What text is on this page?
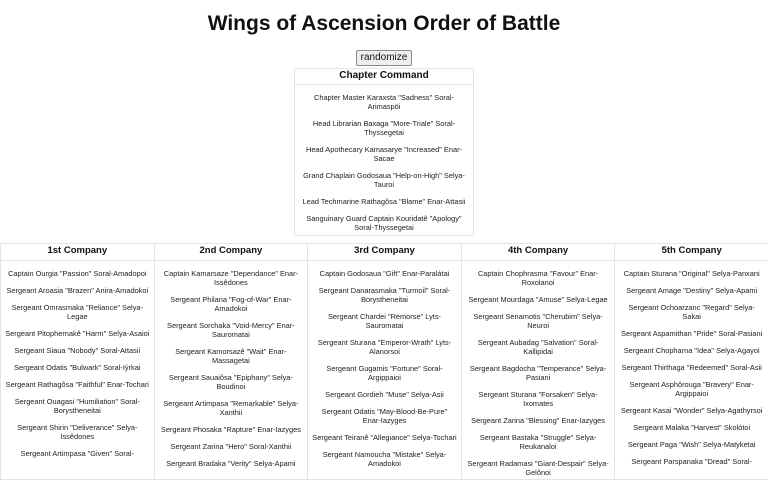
Wings of Ascension Order of Battle
randomize
Chapter Command
Chapter Master Karaxsta "Sadness" Soral-Arimaspöi
Head Librarian Baxaga "More-Triale" Soral-Thyssegetai
Head Apothecary Kamasarye "Increased" Enar-Sacae
Grand Chaplain Godosaua "Help-on-High" Selya-Tauroi
Lead Techmarine Rathagôsa "Blame" Enar-Attasii
Sanguinary Guard Captain Kouridatê "Apology" Soral-Thyssegetai
1st Company
Captain Ourgia "Passion" Soral-Amadopoi
Sergeant Aroasia "Brazen" Anira-Amadokoi
Sergeant Omrasmaka "Reliance" Selya-Legae
Sergeant Pitophernakê "Harm" Selya-Asaioi
Sergeant Siaua "Nobody" Soral-Attasii
Sergeant Odatis "Bulwark" Soral-Iýrkai
Sergeant Rathagôsa "Faithful" Enar-Tochari
Sergeant Ouagasi "Humiliation" Soral-Borystheneitai
Sergeant Shirin "Deliverance" Selya-Issêdones
Sergeant Artimpasa "Given" Soral-
2nd Company
Captain Kamarsaze "Dependance" Enar-Issêdones
Sergeant Philana "Fog-of-War" Enar-Amadokoi
Sergeant Sorchaka "Void-Mercy" Enar-Sauromatai
Sergeant Kamorsazê "Wait" Enar-Massagetai
Sergeant Sauaiôsa "Epiphany" Selya-Boudinoi
Sergeant Artimpasa "Remarkable" Selya-Xanthii
Sergeant Phosaka "Rapture" Enar-Iazyges
Sergeant Zarina "Hero" Soral-Xanthii
Sergeant Bradaka "Verity" Selya-Apami
3rd Company
Captain Godosaua "Gift" Enar-Paralátai
Sergeant Danarasmaka "Turmoil" Soral-Borystheneitai
Sergeant Chardei "Remorse" Lyts-Sauromatai
Sergeant Sturana "Emperor-Wrath" Lyts-Alanorsoi
Sergeant Gugamis "Fortune" Soral-Argippaioi
Sergeant Gordieh "Muse" Selya-Asii
Sergeant Odatis "May-Blood-Be-Pure" Enar-Iazyges
Sergeant Teiranê "Allegiance" Selya-Tochari
Sergeant Namoucha "Mistake" Selya-Amadokoi
4th Company
Captain Chophrasma "Favour" Enar-Roxolanoi
Sergeant Mourdaga "Amuse" Selya-Legae
Sergeant Senamotis "Cherubim" Selya-Neuroi
Sergeant Aubadag "Salvation" Soral-Kallipidai
Sergeant Bagdocha "Temperance" Selya-Pasiani
Sergeant Sturana "Forsaken" Selya-Ixomates
Sergeant Zarina "Blessing" Enar-Iazyges
Sergeant Bastaka "Struggle" Selya-Reukanaloi
Sergeant Radamasi "Giant-Despair" Selya-Gelônoi
5th Company
Captain Sturana "Original" Selya-Panxani
Sergeant Amage "Destiny" Selya-Apami
Sergeant Ochoarzanc "Regard" Selya-Sakai
Sergeant Aspamithan "Pride" Soral-Pasiani
Sergeant Chopharna "Idea" Selya-Agayoi
Sergeant Thirthaga "Redeemed" Soral-Asii
Sergeant Asphôrouga "Bravery" Enar-Argippaioi
Sergeant Kasai "Wonder" Selya-Agathyrsoi
Sergeant Malaka "Harvest" Skolótoi
Sergeant Paga "Wish" Selya-Matyketai
Sergeant Parspanaka "Dread" Soral-
